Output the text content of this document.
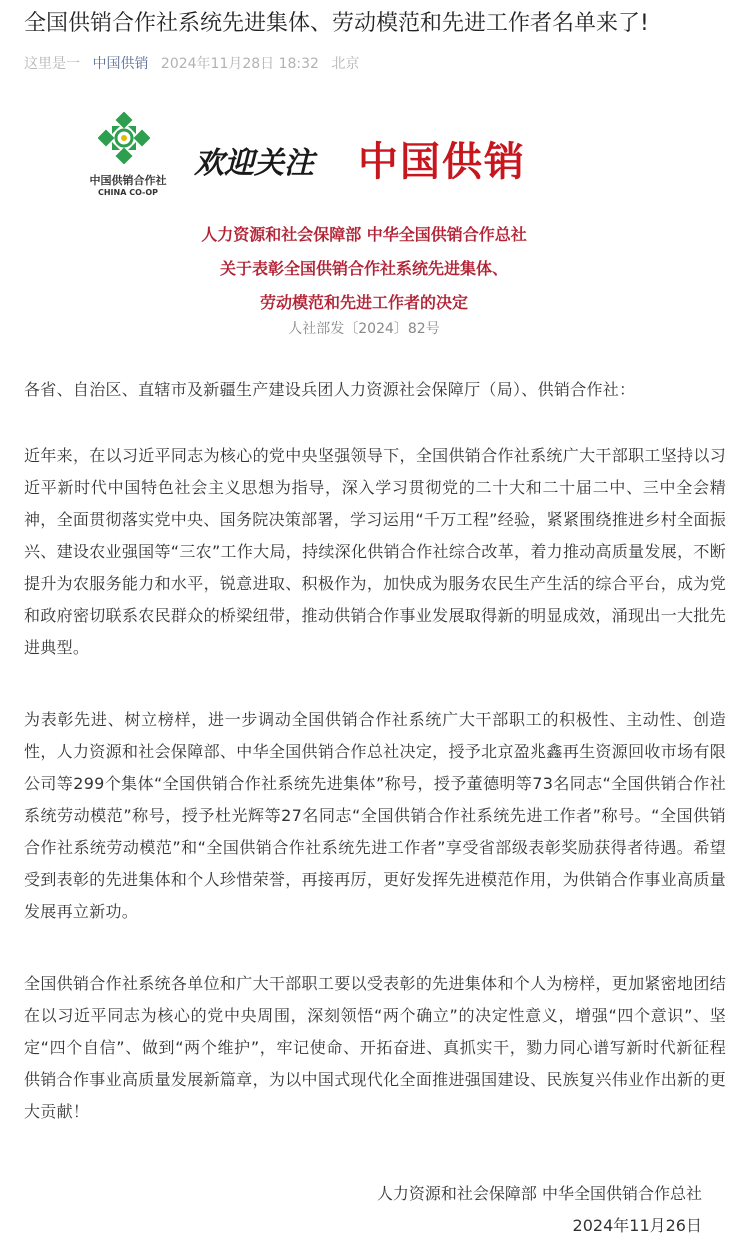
全国供销合作社系统先进集体、劳动模范和先进工作者名单来了!
这里是一 中国供销 2024年11月28日 18:32 北京
中国供销合作社
CHINA CO-OP
欢迎关注 中国供销
人力资源和社会保障部 中华全国供销合作总社
关于表彰全国供销合作社系统先进集体、
劳动模范和先进工作者的决定
人社部发〔2024〕82号

各省、自治区、直辖市及新疆生产建设兵团人力资源社会保障厅（局）、供销合作社：

近年来，在以习近平同志为核心的党中央坚强领导下，全国供销合作社系统广大干部职工坚持以习近平新时代中国特色社会主义思想为指导，深入学习贯彻党的二十大和二十届二中、三中全会精神，全面贯彻落实党中央、国务院决策部署，学习运用“千万工程”经验，紧紧围绕推进乡村全面振兴、建设农业强国等“三农”工作大局，持续深化供销合作社综合改革，着力推动高质量发展，不断提升为农服务能力和水平，锐意进取、积极作为，加快成为服务农民生产生活的综合平台，成为党和政府密切联系农民群众的桥梁纽带，推动供销合作事业发展取得新的明显成效，涌现出一大批先进典型。

为表彰先进、树立榜样，进一步调动全国供销合作社系统广大干部职工的积极性、主动性、创造性，人力资源和社会保障部、中华全国供销合作总社决定，授予北京盈兆鑫再生资源回收市场有限公司等299个集体“全国供销合作社系统先进集体”称号，授予董德明等73名同志“全国供销合作社系统劳动模范”称号，授予杜光辉等27名同志“全国供销合作社系统先进工作者”称号。“全国供销合作社系统劳动模范”和“全国供销合作社系统先进工作者”享受省部级表彰奖励获得者待遇。希望受到表彰的先进集体和个人珍惜荣誉，再接再厉，更好发挥先进模范作用，为供销合作事业高质量发展再立新功。

全国供销合作社系统各单位和广大干部职工要以受表彰的先进集体和个人为榜样，更加紧密地团结在以习近平同志为核心的党中央周围，深刻领悟“两个确立”的决定性意义，增强“四个意识”、坚定“四个自信”、做到“两个维护”，牢记使命、开拓奋进、真抓实干，勠力同心谱写新时代新征程供销合作事业高质量发展新篇章，为以中国式现代化全面推进强国建设、民族复兴伟业作出新的更大贡献！

人力资源和社会保障部 中华全国供销合作总社
2024年11月26日
